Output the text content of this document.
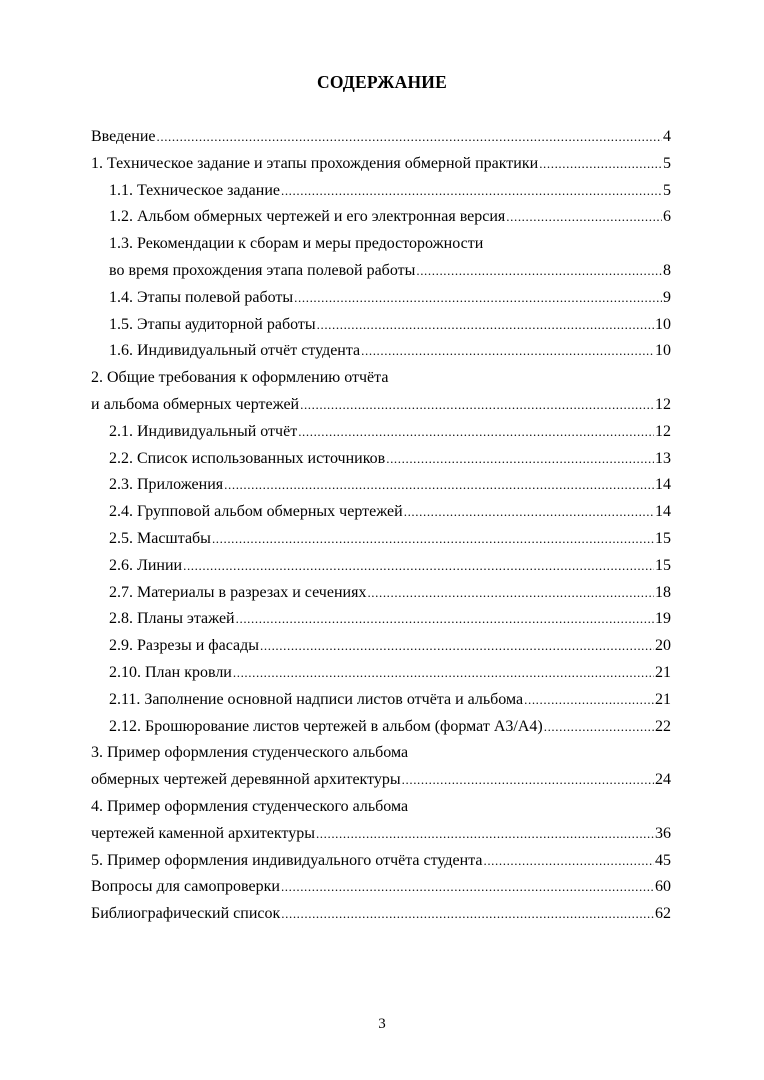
СОДЕРЖАНИЕ
Введение .....	4
1. Техническое задание и этапы прохождения обмерной практики .....	5
1.1. Техническое задание .....	5
1.2. Альбом обмерных чертежей и его электронная версия .....	6
1.3. Рекомендации к сборам и меры предосторожности
во время прохождения этапа полевой работы .....	8
1.4. Этапы полевой работы .....	9
1.5. Этапы аудиторной работы .....	10
1.6. Индивидуальный отчёт студента .....	10
2. Общие требования к оформлению отчёта
и альбома обмерных чертежей .....	12
2.1. Индивидуальный отчёт .....	12
2.2. Список использованных источников .....	13
2.3. Приложения .....	14
2.4. Групповой альбом обмерных чертежей .....	14
2.5. Масштабы .....	15
2.6. Линии .....	15
2.7. Материалы в разрезах и сечениях .....	18
2.8. Планы этажей .....	19
2.9. Разрезы и фасады .....	20
2.10. План кровли .....	21
2.11. Заполнение основной надписи листов отчёта и альбома .....	21
2.12. Брошюрование листов чертежей в альбом (формат А3/А4) .....	22
3. Пример оформления студенческого альбома
обмерных чертежей деревянной архитектуры .....	24
4. Пример оформления студенческого альбома
чертежей каменной архитектуры .....	36
5. Пример оформления индивидуального отчёта студента .....	45
Вопросы для самопроверки .....	60
Библиографический список .....	62
3
